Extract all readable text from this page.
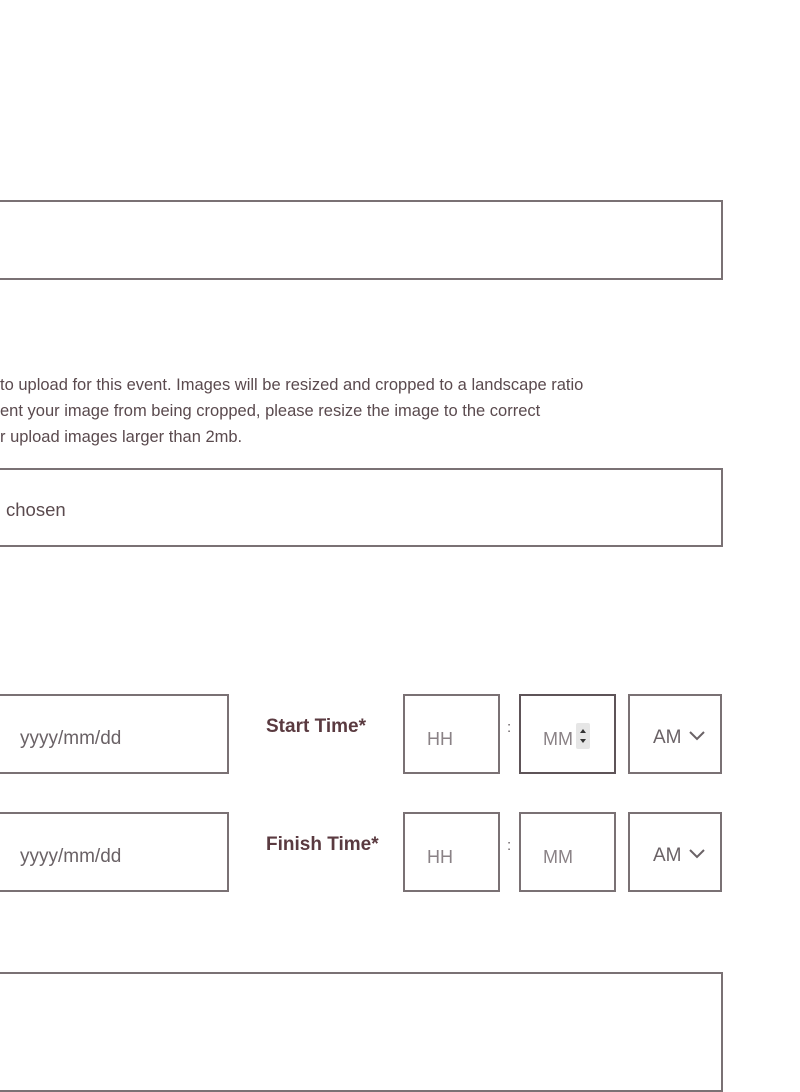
to upload for this event. Images will be resized and cropped to a landscape ratio
ent your image from being cropped, please resize the image to the correct
r upload images larger than 2mb.
chosen
yyyy/mm/dd
Start Time*
HH
:
MM	AM
yyyy/mm/dd
Finish Time*
HH
:
MM	AM
